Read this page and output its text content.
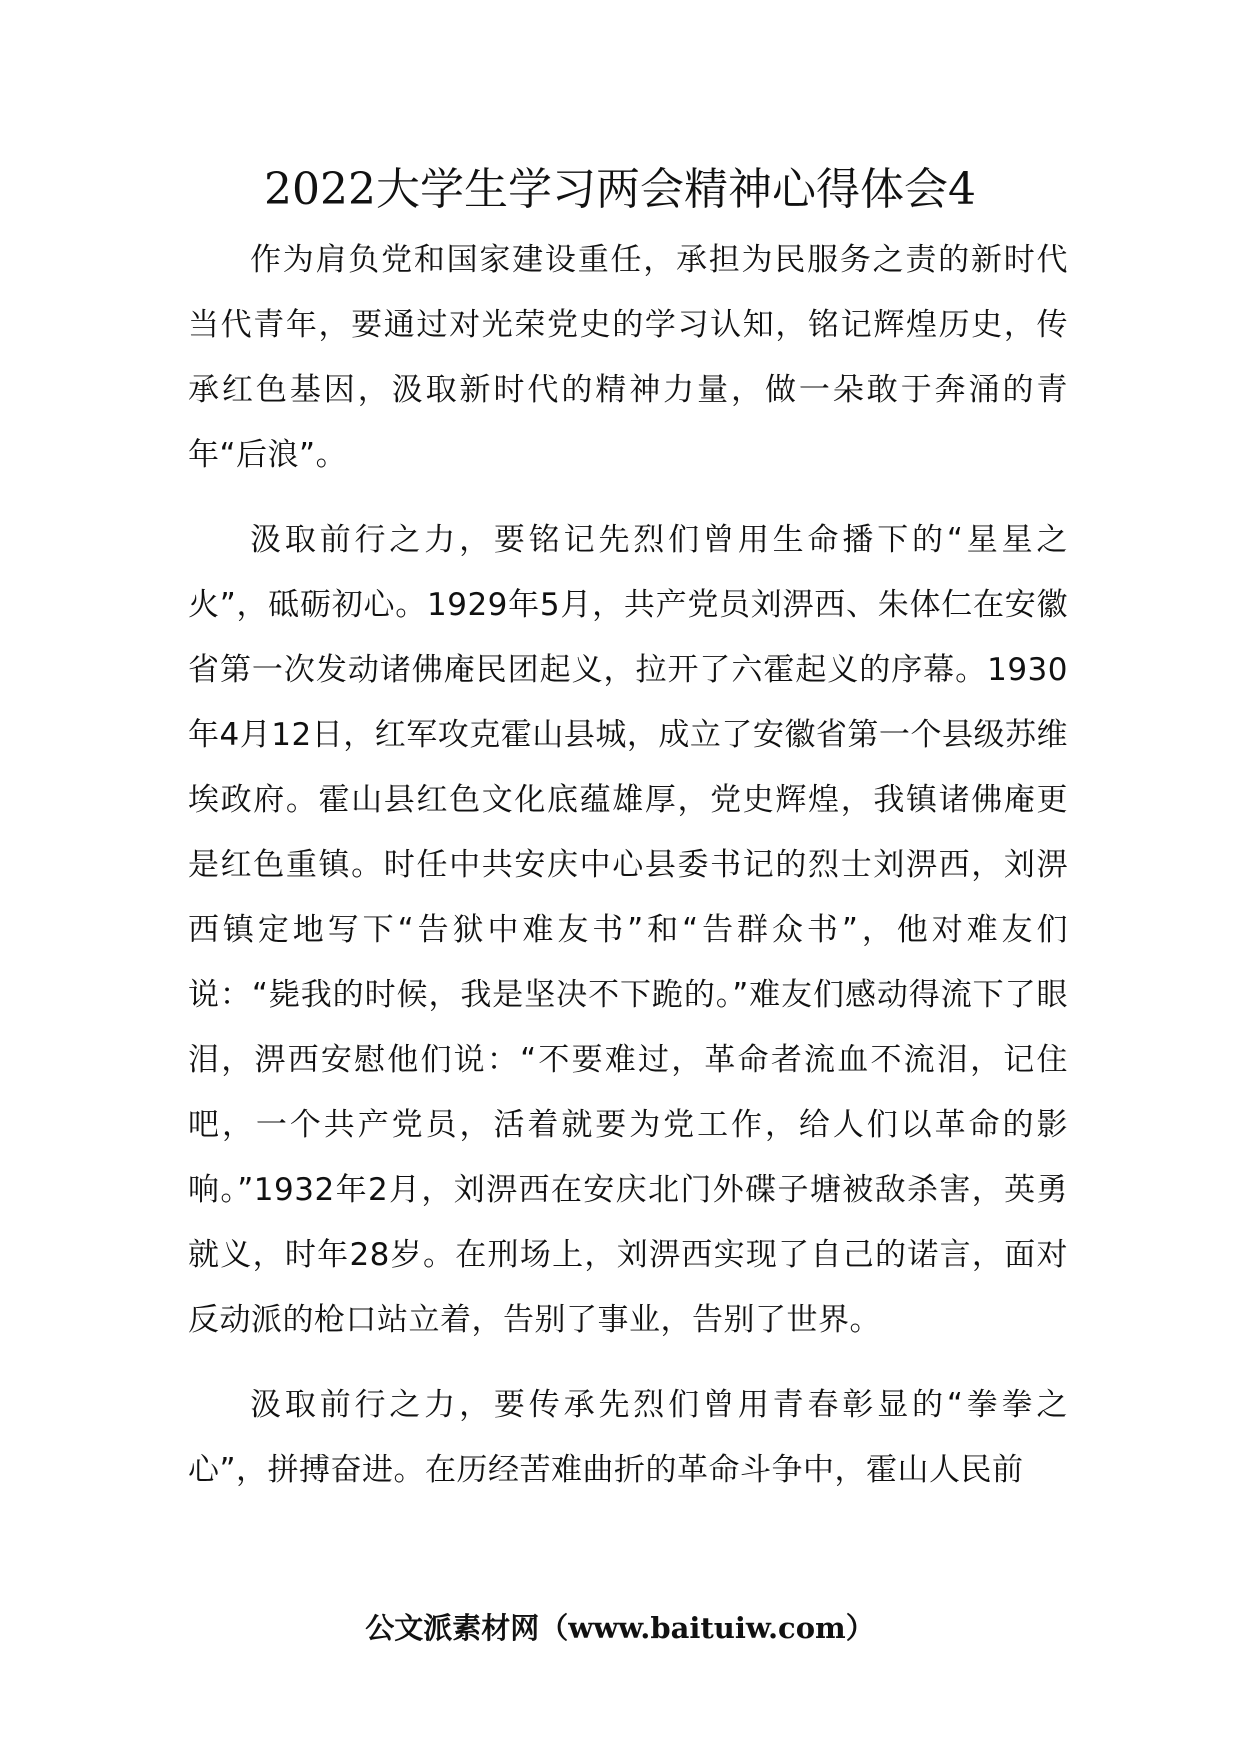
2022大学生学习两会精神心得体会4

作为肩负党和国家建设重任，承担为民服务之责的新时代当代青年，要通过对光荣党史的学习认知，铭记辉煌历史，传承红色基因，汲取新时代的精神力量，做一朵敢于奔涌的青年“后浪”。

汲取前行之力，要铭记先烈们曾用生命播下的“星星之火”，砥砺初心。1929年5月，共产党员刘淠西、朱体仁在安徽省第一次发动诸佛庵民团起义，拉开了六霍起义的序幕。1930年4月12日，红军攻克霍山县城，成立了安徽省第一个县级苏维埃政府。霍山县红色文化底蕴雄厚，党史辉煌，我镇诸佛庵更是红色重镇。时任中共安庆中心县委书记的烈士刘淠西，刘淠西镇定地写下“告狱中难友书”和“告群众书”，他对难友们说：“毙我的时候，我是坚决不下跪的。”难友们感动得流下了眼泪，淠西安慰他们说：“不要难过，革命者流血不流泪，记住吧，一个共产党员，活着就要为党工作，给人们以革命的影响。”1932年2月，刘淠西在安庆北门外碟子塘被敌杀害，英勇就义，时年28岁。在刑场上，刘淠西实现了自己的诺言，面对反动派的枪口站立着，告别了事业，告别了世界。

汲取前行之力，要传承先烈们曾用青春彰显的“拳拳之心”，拼搏奋进。在历经苦难曲折的革命斗争中，霍山人民前

公文派素材网（www.baituiw.com）
